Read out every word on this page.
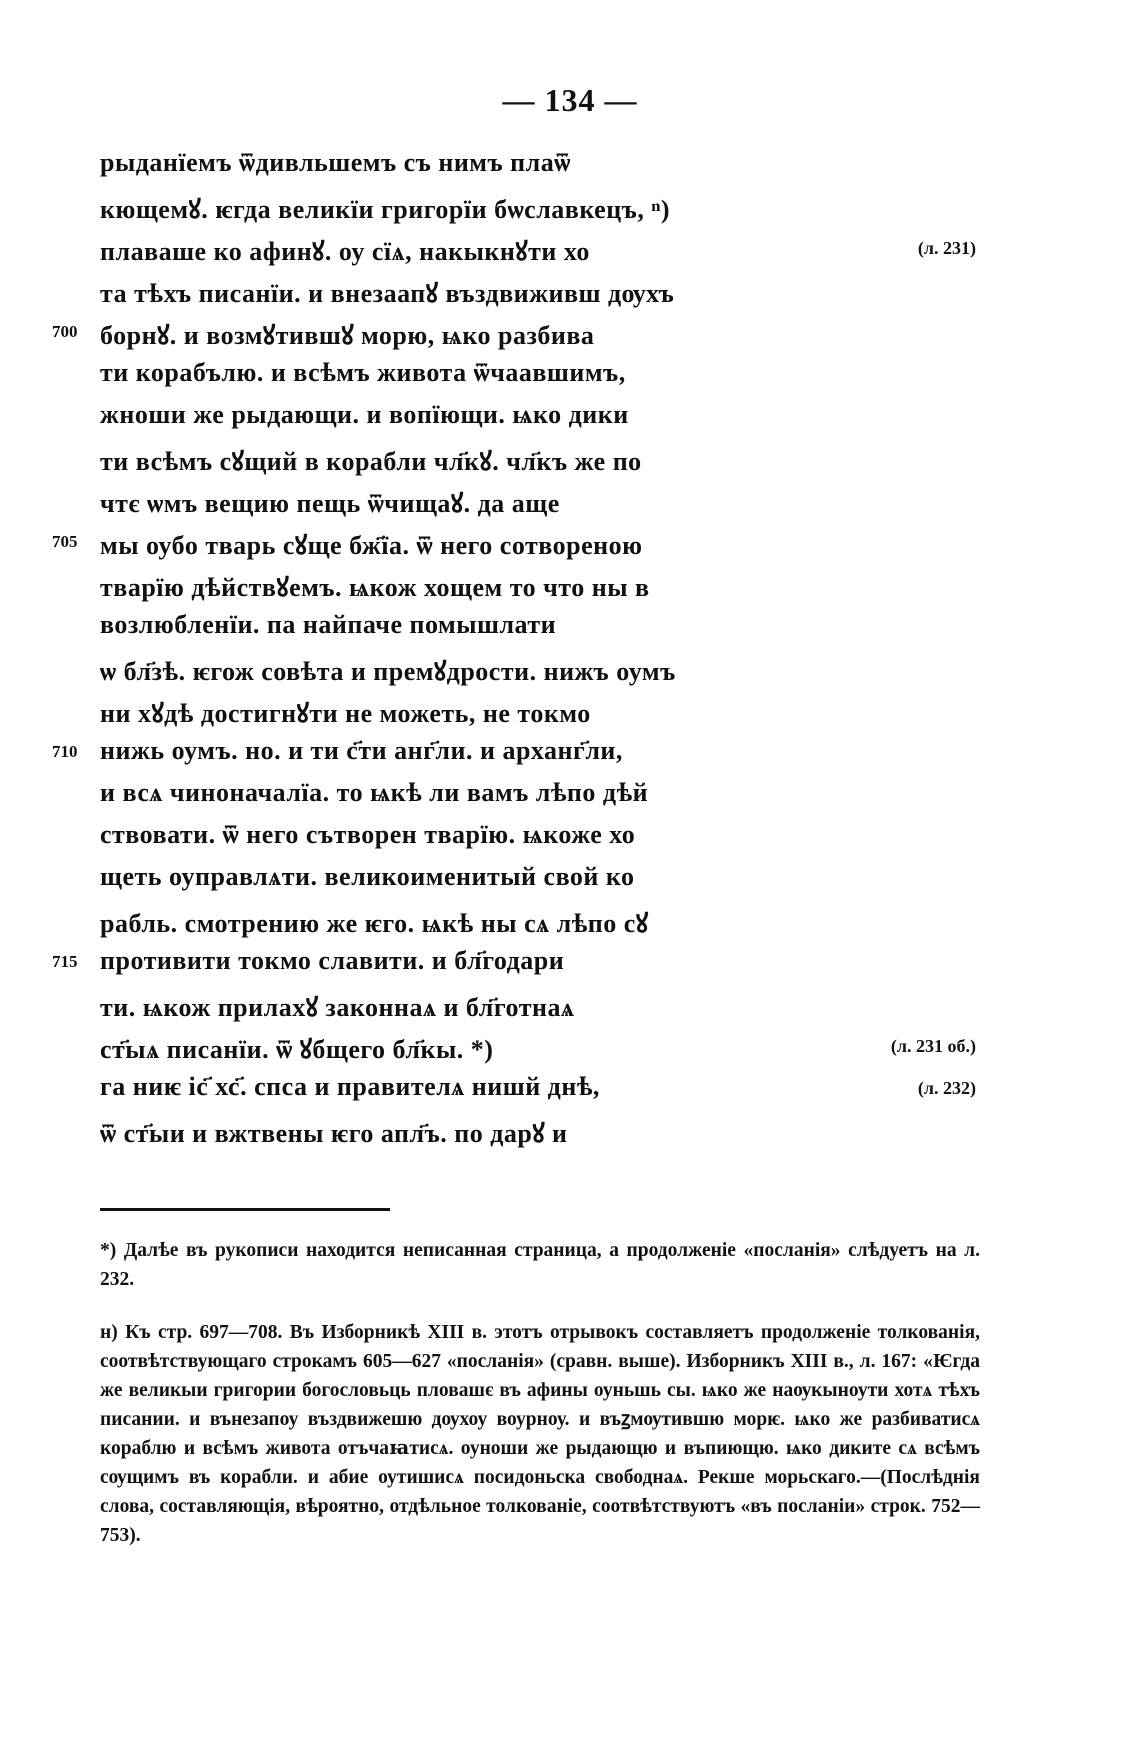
— 134 —
рыданїемъ ѿдивльшемъ съ нимъ плаѿ
кющемꙋ. ѥгда великїи григорїи бѡславкецъ, ⁿ)
плаваше ко афинꙋ. оу сїѧ, накыкнꙋти хо
та тѣхъ писанїи. и внезаапꙋ въздвиживш дѹхъ
борнꙋ. и возмꙋтившꙋ морю, ѩко разбива
ти корабълю. и всѣмъ живота ѿчаавшимъ,
жноши же рыдающи. и вопїющи. ѩко дики
ти всѣмъ сꙋщий в корабли чл҃кꙋ. чл҃къ же по
чтє ѡмъ вещию пещь ѿчищаꙋ. да аще
мы оубо тварь сꙋще бж҃їа. ѿ него сотвореною
тварїю дѣйствꙋемъ. ѩкож хощем то что ны в
возлюбленїи. па найпаче помышлати
ѡ бл҃зѣ. ѥгож совѣта и премꙋдрости. нижъ оумъ
ни хꙋдѣ достигнꙋти не можеть, не токмо
нижь оумъ. но. и ти с҃ти анг҃ли. и арханг҃ли,
и всѧ чиноначалїа. то ѩкѣ ли вамъ лѣпо дѣй
ствовати. ѿ него сътворен тварїю. ѩкоже хо
щеть оуправлѧти. великоименитый свой ко
рабль. смотрению же ѥго. ѩкѣ ны сѧ лѣпо сꙋ
противити токмо славити. и бл҃годари
ти. ѩкож прилахꙋ законнаѧ и бл҃готнаѧ
ст҃ыѧ писанїи. ѿ ꙋбщего бл҃кы. *)
га ниѥ іс҃ хс҃. спса и правителѧ нишй днѣ,
ѿ ст҃ыи и вжтвены ѥго апл҃ъ. по дарꙋ и
700
705
710
715
(л. 231)
(л. 231 об.)
(л. 232)

*) Далѣе въ рукописи находится неписанная страница, а продолженіе «посланія» слѣдуетъ на л. 232.

н) Къ стр. 697—708. Въ Изборникѣ XIII в. этотъ отрывокъ составляетъ продолженіе толкованія, соотвѣтствующаго строкамъ 605—627 «посланія» (сравн. выше). Изборникъ XIII в., л. 167: «Ѥгда же великыи григории богословьць пловашє въ афины оуньшь сы. ѩко же наѹкыноути хотѧ тѣхъ писании. и вънезапоу въздвижешю дѹхоу воурноу. и въꙁмѹтившю морѥ. ѩко же разбиватисѧ кораблю и всѣмъ живота отъчаꙗтисѧ. оуноши же рыдающю и въпиющю. ѩко диките сѧ всѣмъ сѹщимъ въ корабли. и абие оутишисѧ посидоньска свободнаѧ. Рекше морьскаго.—(Послѣднія слова, составляющія, вѣроятно, отдѣльное толкованіе, соотвѣтствуютъ «въ посланіи» строк. 752—753).
